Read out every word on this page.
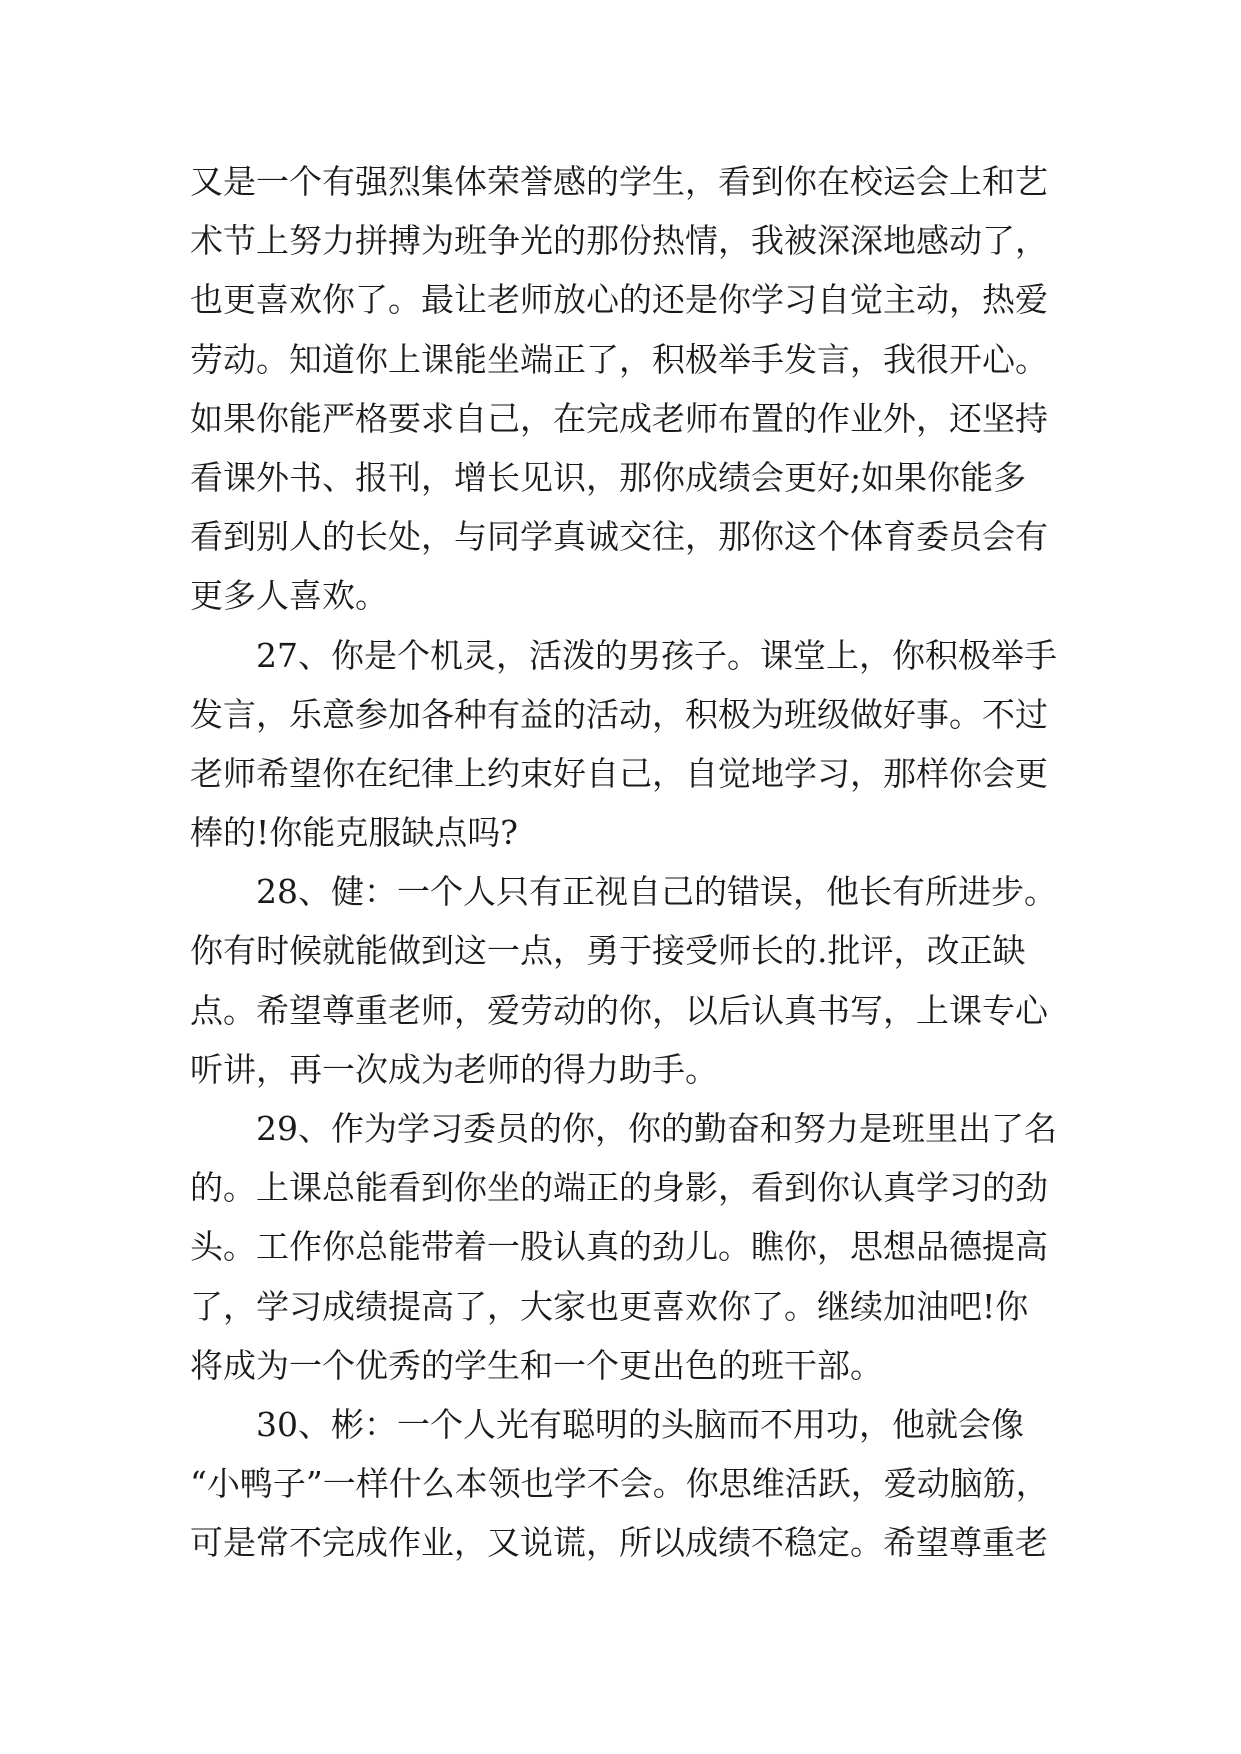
又是一个有强烈集体荣誉感的学生，看到你在校运会上和艺
术节上努力拼搏为班争光的那份热情，我被深深地感动了，
也更喜欢你了。最让老师放心的还是你学习自觉主动，热爱
劳动。知道你上课能坐端正了，积极举手发言，我很开心。
如果你能严格要求自己，在完成老师布置的作业外，还坚持
看课外书、报刊，增长见识，那你成绩会更好;如果你能多
看到别人的长处，与同学真诚交往，那你这个体育委员会有
更多人喜欢。
27、你是个机灵，活泼的男孩子。课堂上，你积极举手
发言，乐意参加各种有益的活动，积极为班级做好事。不过
老师希望你在纪律上约束好自己，自觉地学习，那样你会更
棒的!你能克服缺点吗?
28、健：一个人只有正视自己的错误，他长有所进步。
你有时候就能做到这一点，勇于接受师长的.批评，改正缺
点。希望尊重老师，爱劳动的你，以后认真书写，上课专心
听讲，再一次成为老师的得力助手。
29、作为学习委员的你，你的勤奋和努力是班里出了名
的。上课总能看到你坐的端正的身影，看到你认真学习的劲
头。工作你总能带着一股认真的劲儿。瞧你，思想品德提高
了，学习成绩提高了，大家也更喜欢你了。继续加油吧!你
将成为一个优秀的学生和一个更出色的班干部。
30、彬：一个人光有聪明的头脑而不用功，他就会像
“小鸭子”一样什么本领也学不会。你思维活跃，爱动脑筋，
可是常不完成作业，又说谎，所以成绩不稳定。希望尊重老
